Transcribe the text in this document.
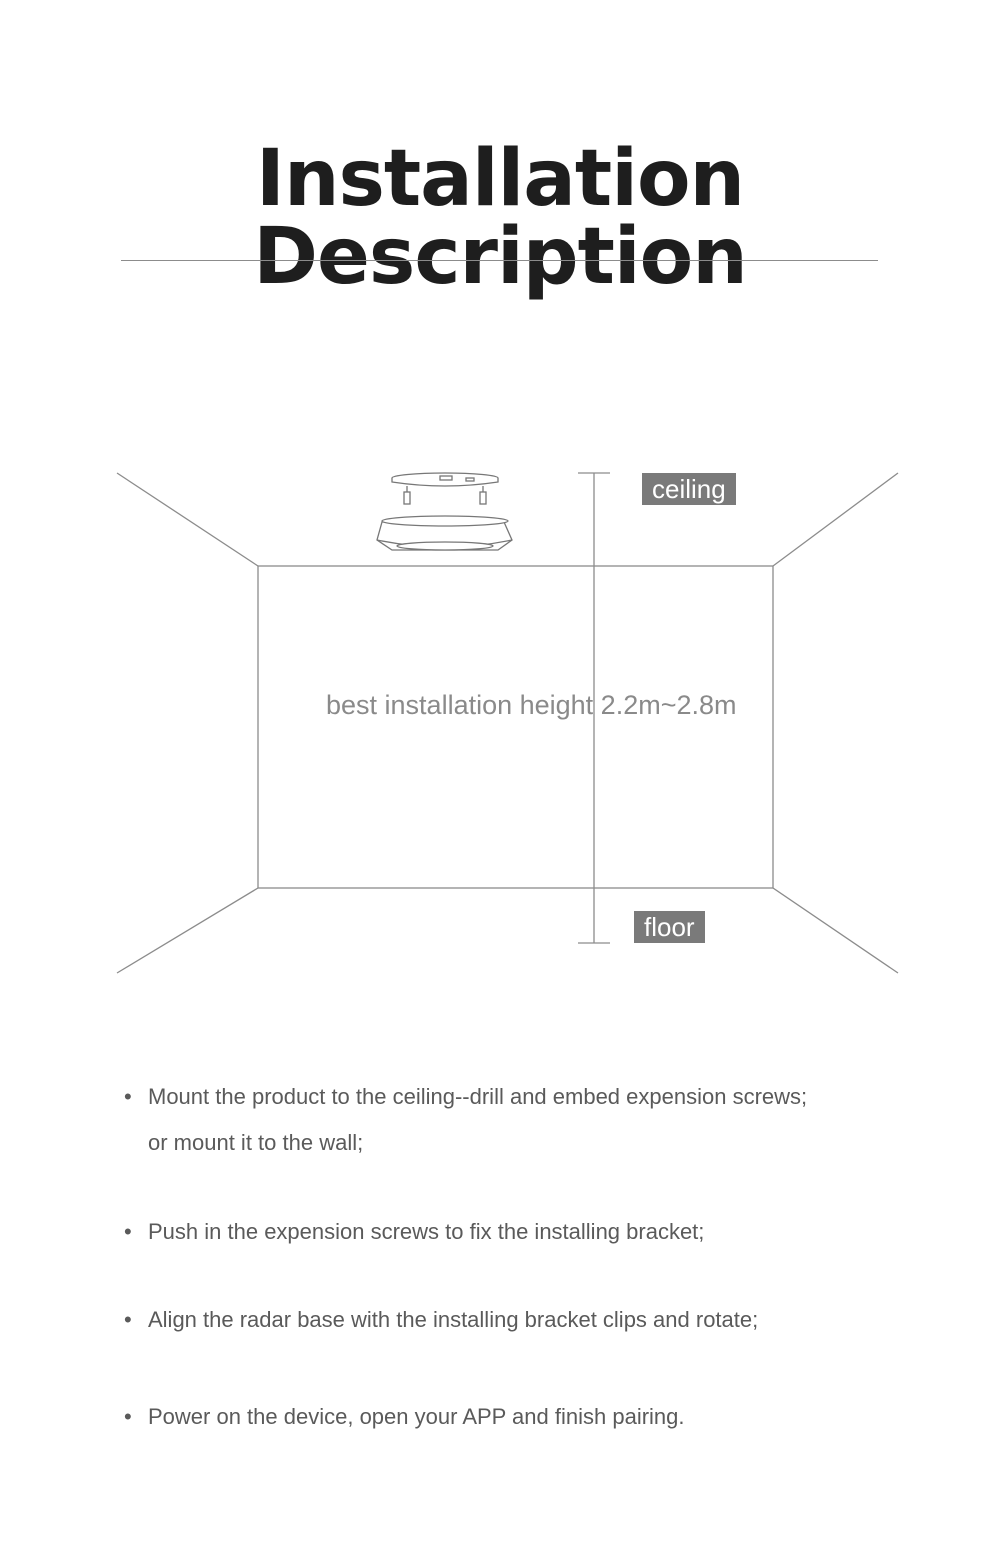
Installation Description
ceiling
floor
best installation height 2.2m~2.8m
• Mount the product to the ceiling--drill and embed expension screws;
or mount it to the wall;
• Push in the expension screws to fix the installing bracket;
• Align the radar base with the installing bracket clips and rotate;
• Power on the device, open your APP and finish pairing.
